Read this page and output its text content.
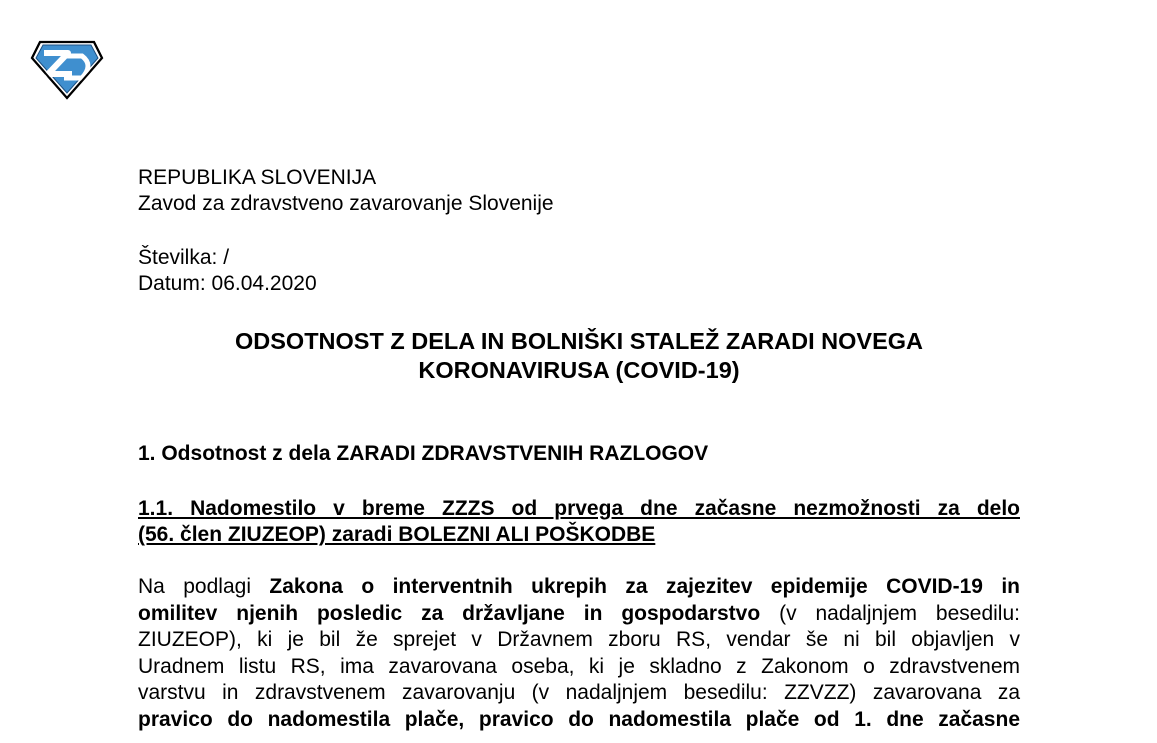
REPUBLIKA SLOVENIJA
Zavod za zdravstveno zavarovanje Slovenije
Številka: /
Datum: 06.04.2020
ODSOTNOST Z DELA IN BOLNIŠKI STALEŽ ZARADI NOVEGA
KORONAVIRUSA (COVID-19)
1. Odsotnost z dela ZARADI ZDRAVSTVENIH RAZLOGOV
1.1. Nadomestilo v breme ZZZS od prvega dne začasne nezmožnosti za delo
(56. člen ZIUZEOP) zaradi BOLEZNI ALI POŠKODBE
Na podlagi Zakona o interventnih ukrepih za zajezitev epidemije COVID-19 in
omilitev njenih posledic za državljane in gospodarstvo (v nadaljnjem besedilu:
ZIUZEOP), ki je bil že sprejet v Državnem zboru RS, vendar še ni bil objavljen v
Uradnem listu RS, ima zavarovana oseba, ki je skladno z Zakonom o zdravstvenem
varstvu in zdravstvenem zavarovanju (v nadaljnjem besedilu: ZZVZZ) zavarovana za
pravico do nadomestila plače, pravico do nadomestila plače od 1. dne začasne
